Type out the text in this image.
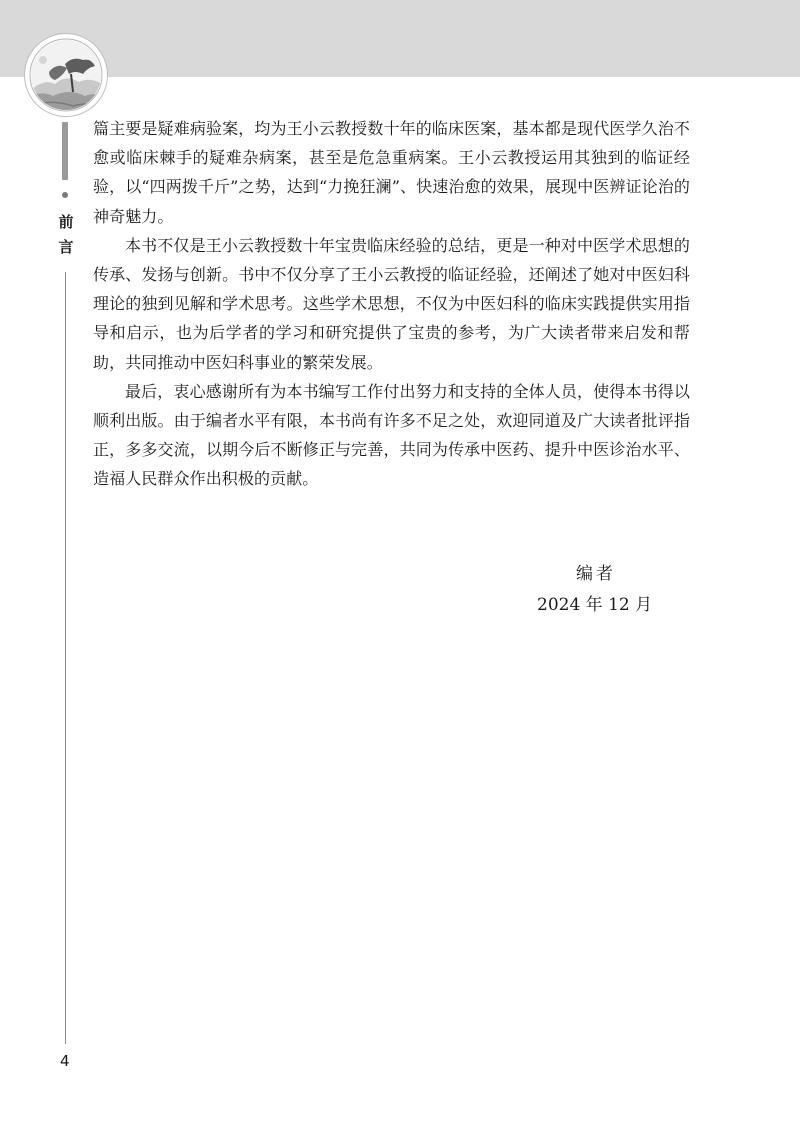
前言
4

篇主要是疑难病验案，均为王小云教授数十年的临床医案，基本都是现代医学久治不愈或临床棘手的疑难杂病案，甚至是危急重病案。王小云教授运用其独到的临证经验，以“四两拨千斤”之势，达到“力挽狂澜”、快速治愈的效果，展现中医辨证论治的神奇魅力。

本书不仅是王小云教授数十年宝贵临床经验的总结，更是一种对中医学术思想的传承、发扬与创新。书中不仅分享了王小云教授的临证经验，还阐述了她对中医妇科理论的独到见解和学术思考。这些学术思想，不仅为中医妇科的临床实践提供实用指导和启示，也为后学者的学习和研究提供了宝贵的参考，为广大读者带来启发和帮助，共同推动中医妇科事业的繁荣发展。

最后，衷心感谢所有为本书编写工作付出努力和支持的全体人员，使得本书得以顺利出版。由于编者水平有限，本书尚有许多不足之处，欢迎同道及广大读者批评指正，多多交流，以期今后不断修正与完善，共同为传承中医药、提升中医诊治水平、造福人民群众作出积极的贡献。

编者
2024 年 12 月
